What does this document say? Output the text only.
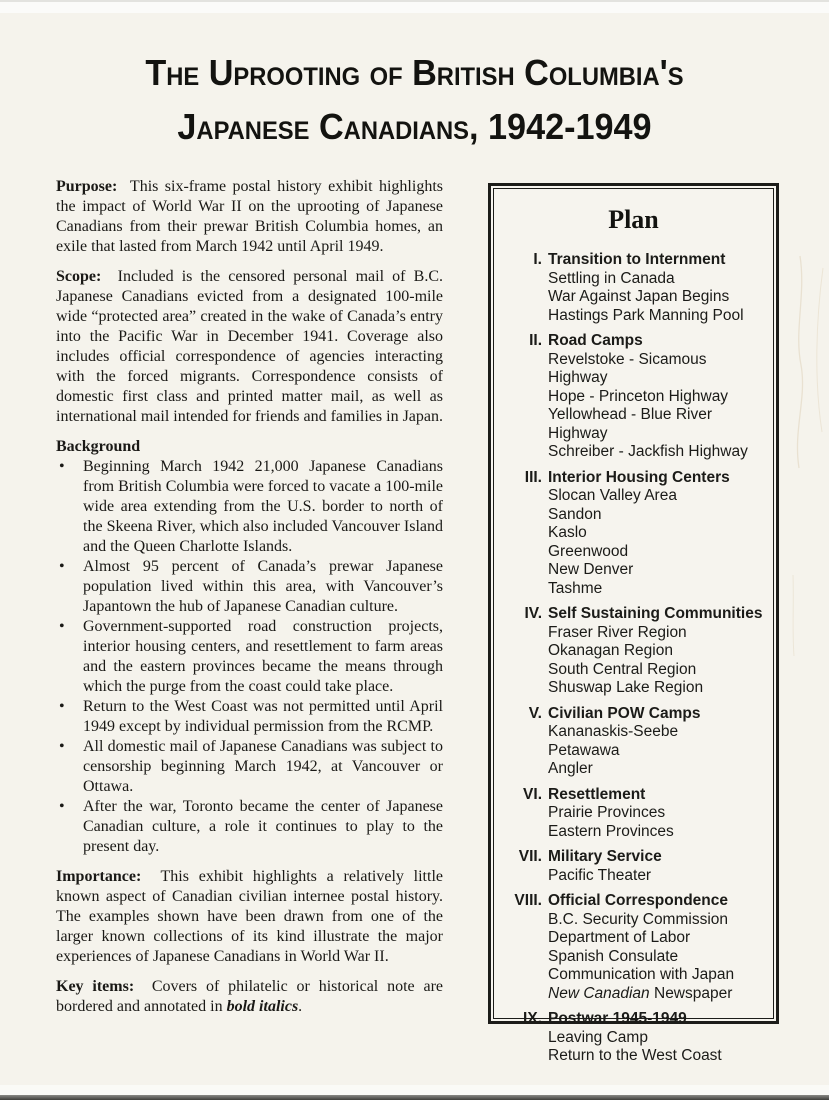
The Uprooting of British Columbia's
Japanese Canadians, 1942-1949

Purpose:  This six-frame postal history exhibit highlights the impact of World War II on the uprooting of Japanese Canadians from their prewar British Columbia homes, an exile that lasted from March 1942 until April 1949.

Scope:  Included is the censored personal mail of B.C. Japanese Canadians evicted from a designated 100-mile wide “protected area” created in the wake of Canada’s entry into the Pacific War in December 1941. Coverage also includes official correspondence of agencies interacting with the forced migrants. Correspondence consists of domestic first class and printed matter mail, as well as international mail intended for friends and families in Japan.

Background
• Beginning March 1942 21,000 Japanese Canadians from British Columbia were forced to vacate a 100-mile wide area extending from the U.S. border to north of the Skeena River, which also included Vancouver Island and the Queen Charlotte Islands.
• Almost 95 percent of Canada’s prewar Japanese population lived within this area, with Vancouver’s Japantown the hub of Japanese Canadian culture.
• Government-supported road construction projects, interior housing centers, and resettlement to farm areas and the eastern provinces became the means through which the purge from the coast could take place.
• Return to the West Coast was not permitted until April 1949 except by individual permission from the RCMP.
• All domestic mail of Japanese Canadians was subject to censorship beginning March 1942, at Vancouver or Ottawa.
• After the war, Toronto became the center of Japanese Canadian culture, a role it continues to play to the present day.

Importance:  This exhibit highlights a relatively little known aspect of Canadian civilian internee postal history. The examples shown have been drawn from one of the larger known collections of its kind illustrate the major experiences of Japanese Canadians in World War II.

Key items:  Covers of philatelic or historical note are bordered and annotated in bold italics.

Plan
I. Transition to Internment
Settling in Canada
War Against Japan Begins
Hastings Park Manning Pool
II. Road Camps
Revelstoke - Sicamous Highway
Hope - Princeton Highway
Yellowhead - Blue River Highway
Schreiber - Jackfish Highway
III. Interior Housing Centers
Slocan Valley Area
Sandon
Kaslo
Greenwood
New Denver
Tashme
IV. Self Sustaining Communities
Fraser River Region
Okanagan Region
South Central Region
Shuswap Lake Region
V. Civilian POW Camps
Kananaskis-Seebe
Petawawa
Angler
VI. Resettlement
Prairie Provinces
Eastern Provinces
VII. Military Service
Pacific Theater
VIII. Official Correspondence
B.C. Security Commission
Department of Labor
Spanish Consulate
Communication with Japan
New Canadian Newspaper
IX. Postwar 1945-1949
Leaving Camp
Return to the West Coast
